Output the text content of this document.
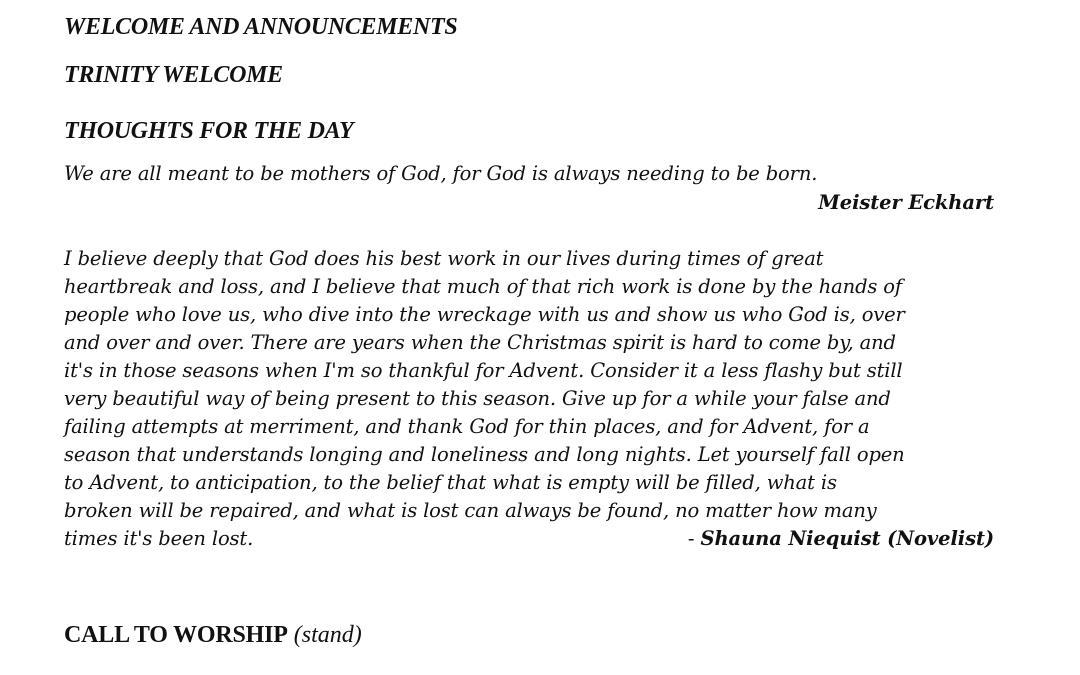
WELCOME AND ANNOUNCEMENTS
TRINITY WELCOME
THOUGHTS FOR THE DAY

We are all meant to be mothers of God, for God is always needing to be born.

Meister Eckhart
I believe deeply that God does his best work in our lives during times of great
heartbreak and loss, and I believe that much of that rich work is done by the hands of
people who love us, who dive into the wreckage with us and show us who God is, over
and over and over. There are years when the Christmas spirit is hard to come by, and
it's in those seasons when I'm so thankful for Advent. Consider it a less flashy but still
very beautiful way of being present to this season. Give up for a while your false and
failing attempts at merriment, and thank God for thin places, and for Advent, for a
season that understands longing and loneliness and long nights. Let yourself fall open
to Advent, to anticipation, to the belief that what is empty will be filled, what is
broken will be repaired, and what is lost can always be found, no matter how many
times it's been lost.	- Shauna Niequist (Novelist)
CALL TO WORSHIP (stand)
